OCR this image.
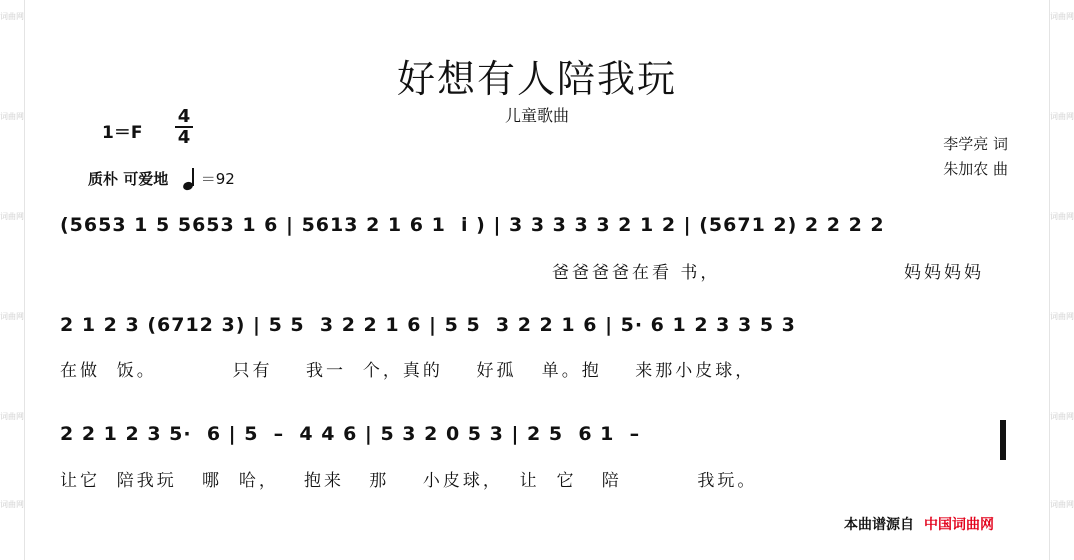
词曲网
词曲网
词曲网
词曲网
词曲网
词曲网
词曲网
词曲网
词曲网
词曲网
词曲网
词曲网
好想有人陪我玩
儿童歌曲
1＝F
4
4
质朴 可爱地 ＝92
李学亮 词
朱加农 曲
(5653 1 5 5653 1 6 | 5613 2 1 6 1  i ) | 3 3 3 3 3 2 1 2 | (5671 2) 2 2 2 2
爸爸爸爸在看 书，	妈妈妈妈
2 1 2 3 (6712 3) | 5 5  3 2 2 1 6 | 5 5  3 2 2 1 6 | 5· 6 1 2 3 3 5 3
在做  饭。         只有    我一  个，真的    好孤   单。抱    来那小皮球，
2 2 1 2 3 5·  6 | 5  –  4 4 6 | 5 3 2 0 5 3 | 2 5  6 1  –
让它  陪我玩   哪  哈，   抱来   那    小皮球，  让  它   陪         我玩。
本曲谱源自 中国词曲网
